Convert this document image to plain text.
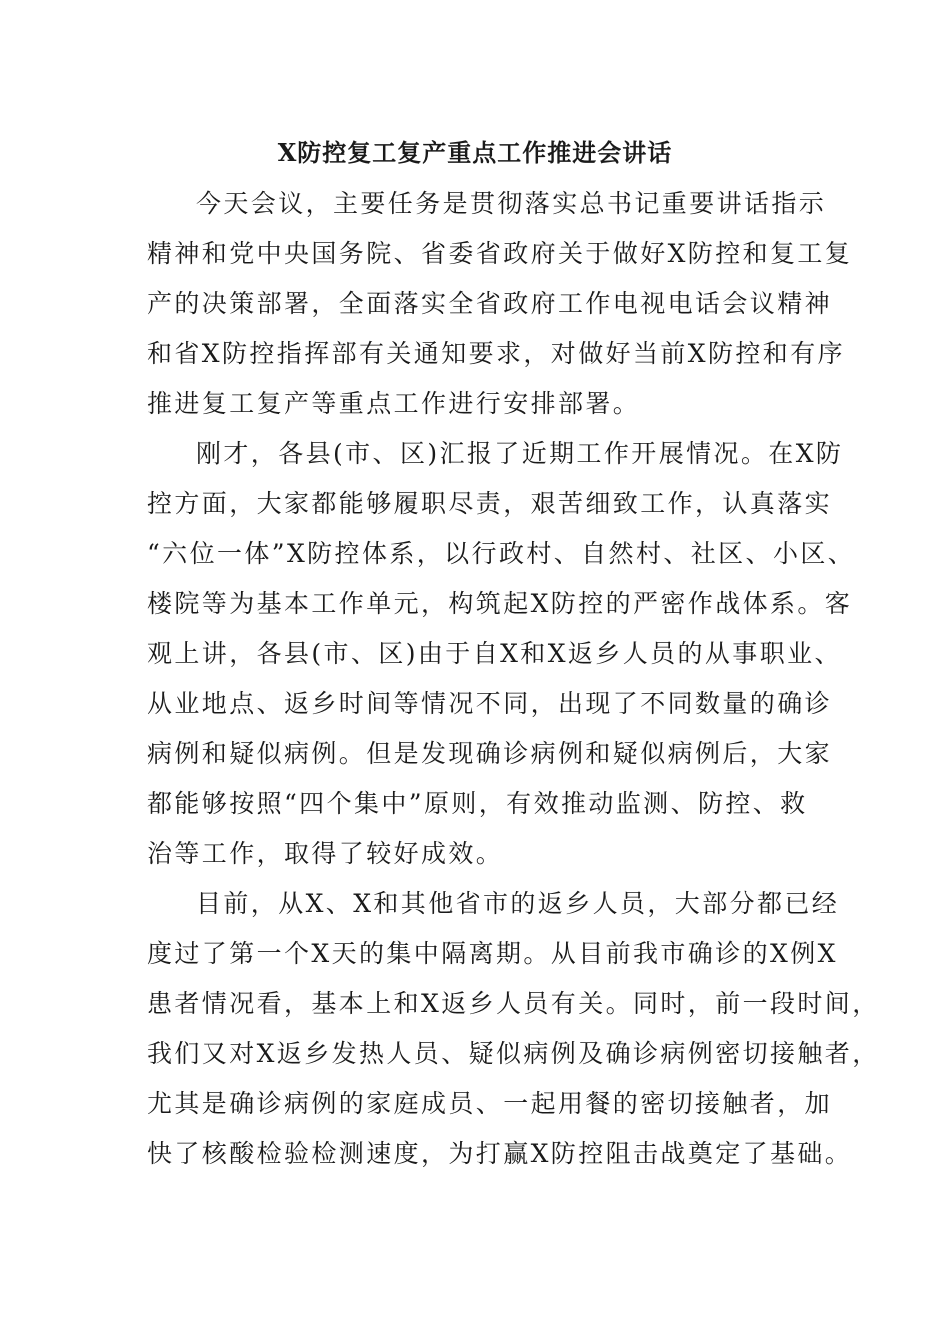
X防控复工复产重点工作推进会讲话
今天会议，主要任务是贯彻落实总书记重要讲话指示
精神和党中央国务院、省委省政府关于做好X防控和复工复
产的决策部署，全面落实全省政府工作电视电话会议精神
和省X防控指挥部有关通知要求，对做好当前X防控和有序
推进复工复产等重点工作进行安排部署。
刚才，各县(市、区)汇报了近期工作开展情况。在X防
控方面，大家都能够履职尽责，艰苦细致工作，认真落实
“六位一体”X防控体系，以行政村、自然村、社区、小区、
楼院等为基本工作单元，构筑起X防控的严密作战体系。客
观上讲，各县(市、区)由于自X和X返乡人员的从事职业、
从业地点、返乡时间等情况不同，出现了不同数量的确诊
病例和疑似病例。但是发现确诊病例和疑似病例后，大家
都能够按照“四个集中”原则，有效推动监测、防控、救
治等工作，取得了较好成效。
目前，从X、X和其他省市的返乡人员，大部分都已经
度过了第一个X天的集中隔离期。从目前我市确诊的X例X
患者情况看，基本上和X返乡人员有关。同时，前一段时间，
我们又对X返乡发热人员、疑似病例及确诊病例密切接触者，
尤其是确诊病例的家庭成员、一起用餐的密切接触者，加
快了核酸检验检测速度，为打赢X防控阻击战奠定了基础。
